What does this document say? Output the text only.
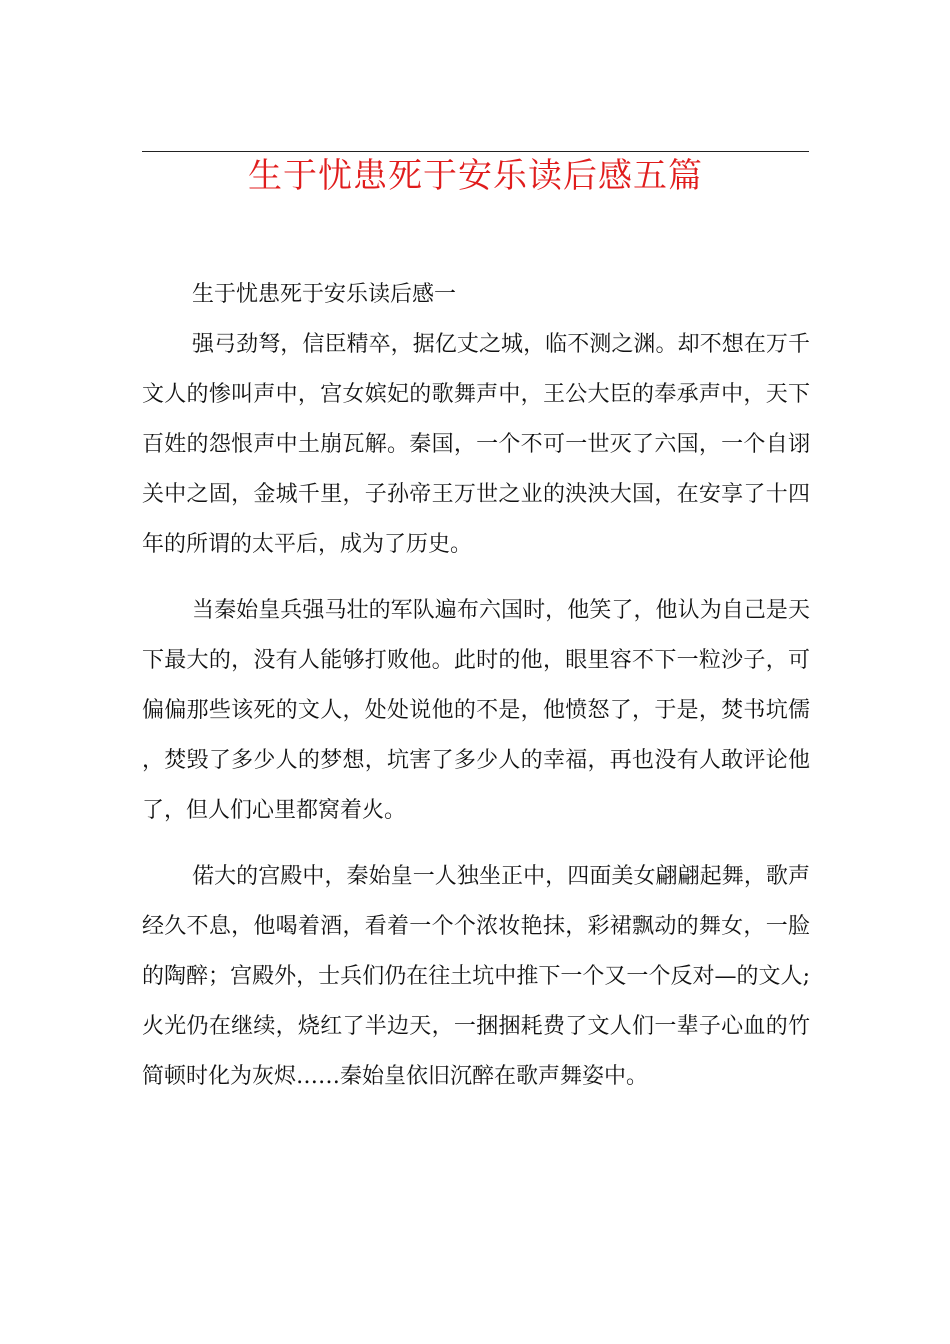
生于忧患死于安乐读后感五篇
生于忧患死于安乐读后感一

强弓劲弩，信臣精卒，据亿丈之城，临不测之渊。却不想在万千文人的惨叫声中，宫女嫔妃的歌舞声中，王公大臣的奉承声中，天下百姓的怨恨声中土崩瓦解。秦国，一个不可一世灭了六国，一个自诩关中之固，金城千里，子孙帝王万世之业的泱泱大国，在安享了十四年的所谓的太平后，成为了历史。

当秦始皇兵强马壮的军队遍布六国时，他笑了，他认为自己是天下最大的，没有人能够打败他。此时的他，眼里容不下一粒沙子，可偏偏那些该死的文人，处处说他的不是，他愤怒了，于是，焚书坑儒，焚毁了多少人的梦想，坑害了多少人的幸福，再也没有人敢评论他了，但人们心里都窝着火。

偌大的宫殿中，秦始皇一人独坐正中，四面美女翩翩起舞，歌声经久不息，他喝着酒，看着一个个浓妆艳抹，彩裙飘动的舞女，一脸的陶醉；宫殿外，士兵们仍在往土坑中推下一个又一个反对—的文人;火光仍在继续，烧红了半边天，一捆捆耗费了文人们一辈子心血的竹简顿时化为灰烬……秦始皇依旧沉醉在歌声舞姿中。
